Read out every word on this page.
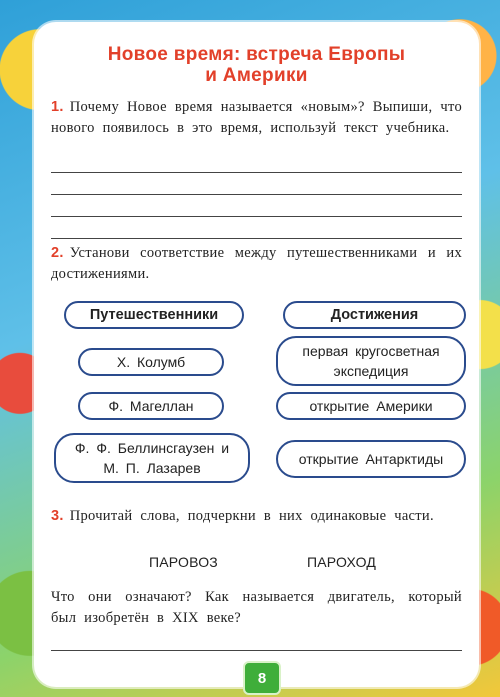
Новое время: встреча Европы
и Америки
1. Почему Новое время называется «новым»? Выпиши, что нового появилось в это время, используй текст учебника.
2. Установи соответствие между путешественниками и их достижениями.
Путешественники	Достижения
Х. Колумб
Ф. Магеллан
Ф. Ф. Беллинсгаузен и М. П. Лазарев
первая кругосветная экспедиция
открытие Америки
открытие Антарктиды
3. Прочитай слова, подчеркни в них одинаковые части.
ПАРОВОЗ	ПАРОХОД
Что они означают? Как называется двигатель, который был изобретён в XIX веке?
8
